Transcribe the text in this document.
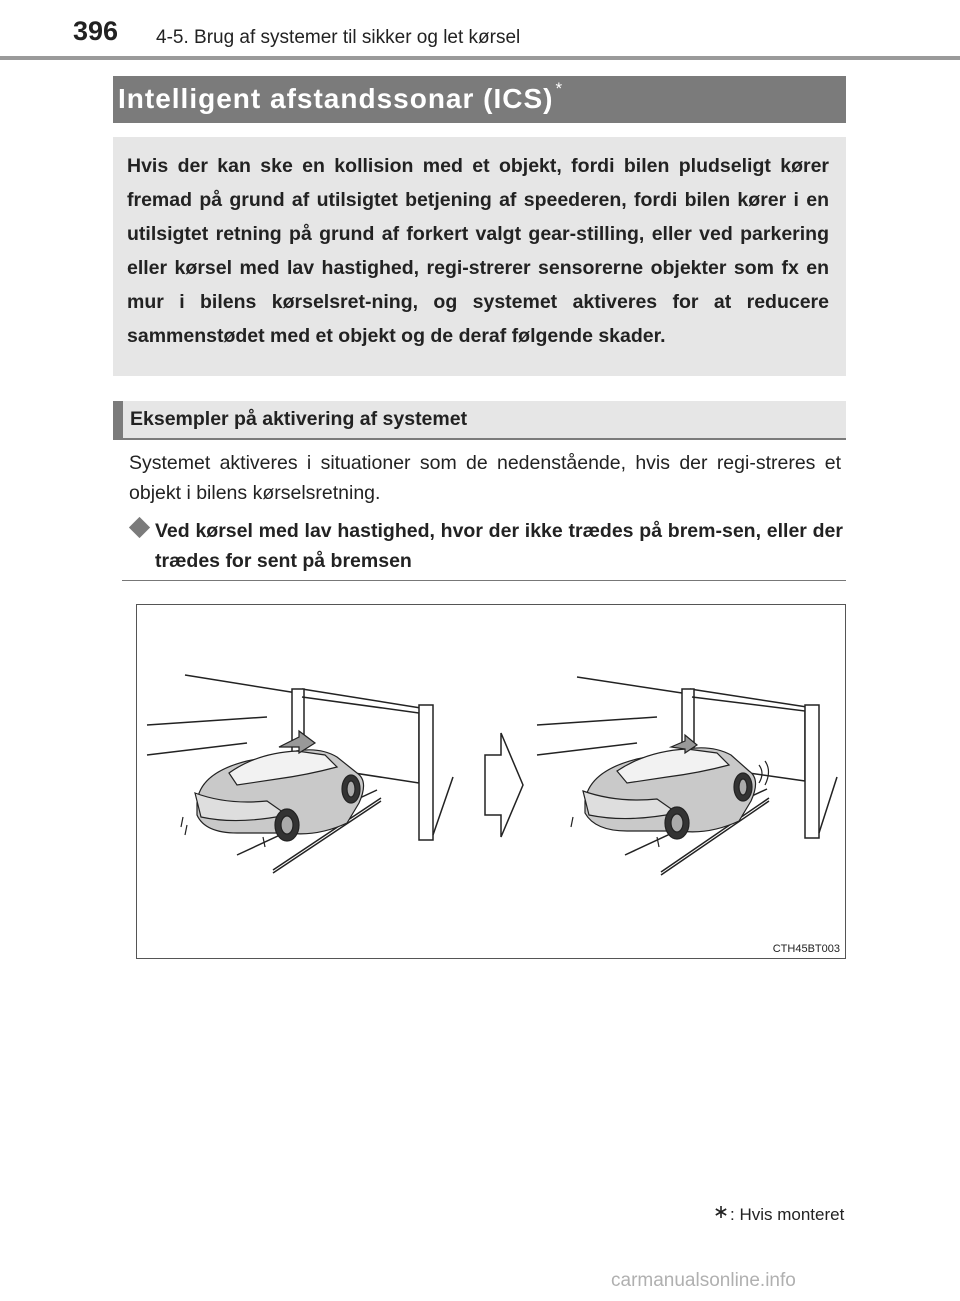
396 4-5. Brug af systemer til sikker og let kørsel
Intelligent afstandssonar (ICS) *
Hvis der kan ske en kollision med et objekt, fordi bilen pludseligt kører fremad på grund af utilsigtet betjening af speederen, fordi bilen kører i en utilsigtet retning på grund af forkert valgt gear-stilling, eller ved parkering eller kørsel med lav hastighed, regi-strerer sensorerne objekter som fx en mur i bilens kørselsret-ning, og systemet aktiveres for at reducere sammenstødet med et objekt og de deraf følgende skader.
Eksempler på aktivering af systemet
Systemet aktiveres i situationer som de nedenstående, hvis der regi-streres et objekt i bilens kørselsretning.
Ved kørsel med lav hastighed, hvor der ikke trædes på brem-sen, eller der trædes for sent på bremsen
CTH45BT003
: Hvis monteret
carmanualsonline.info
